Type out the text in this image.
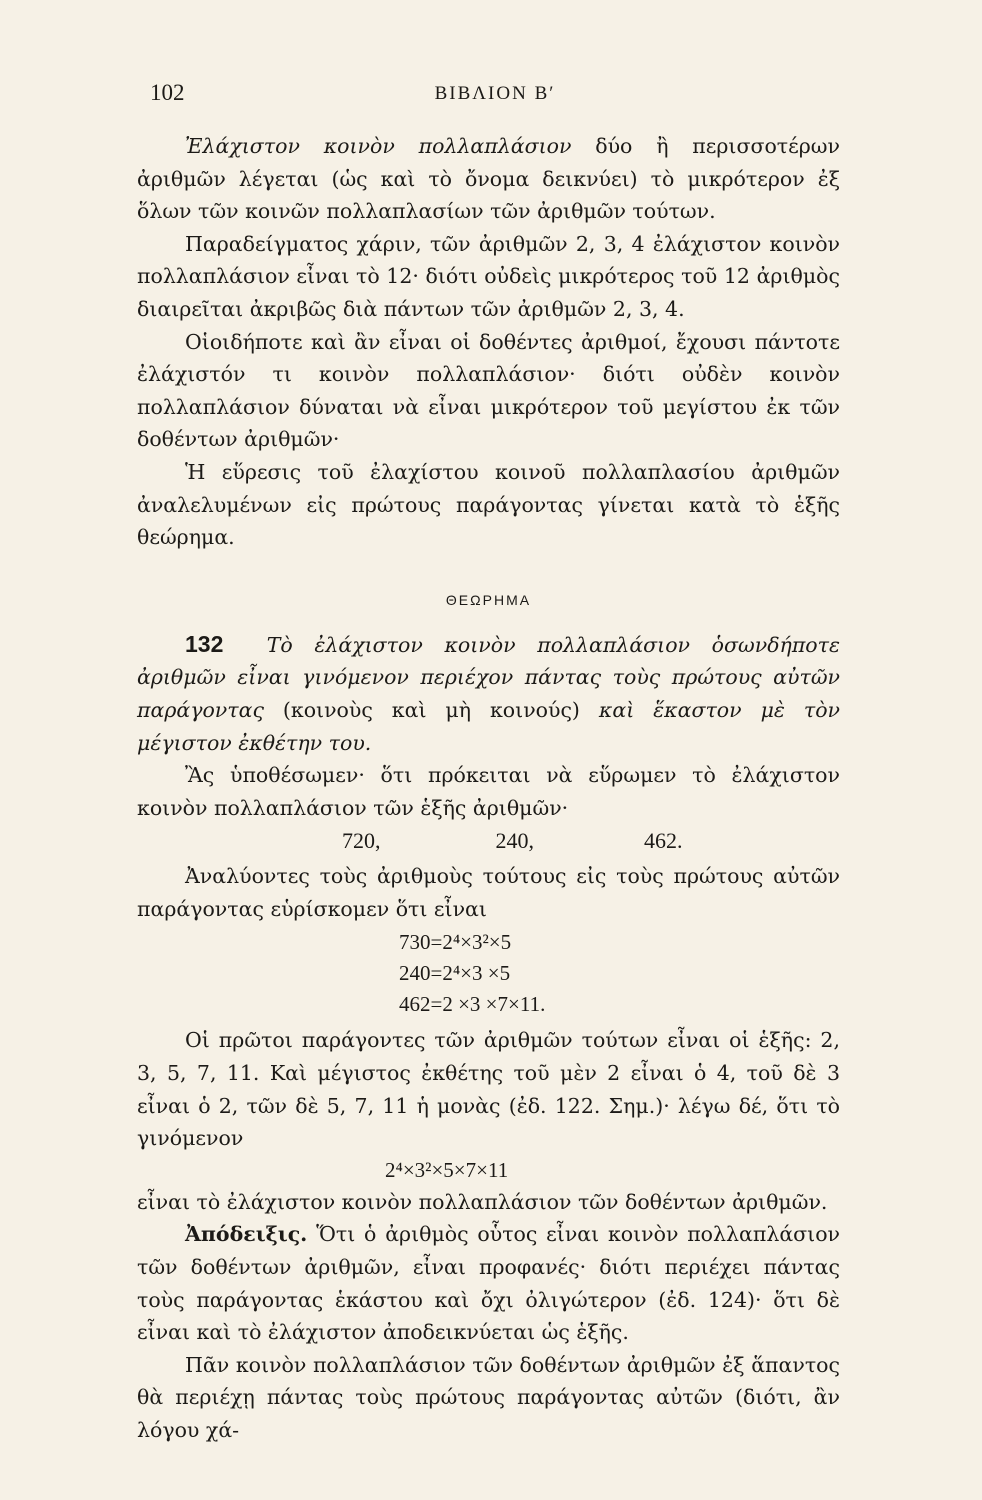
102	ΒΙΒΛΙΟΝ Β′

Ἐλάχιστον κοινὸν πολλαπλάσιον δύο ἢ περισσοτέρων ἀριθμῶν λέγεται (ὡς καὶ τὸ ὄνομα δεικνύει) τὸ μικρότερον ἐξ ὅλων τῶν κοινῶν πολλαπλασίων τῶν ἀριθμῶν τούτων.

Παραδείγματος χάριν, τῶν ἀριθμῶν 2, 3, 4 ἐλάχιστον κοινὸν πολλαπλάσιον εἶναι τὸ 12· διότι οὐδεὶς μικρότερος τοῦ 12 ἀριθμὸς διαιρεῖται ἀκριβῶς διὰ πάντων τῶν ἀριθμῶν 2, 3, 4.

Οἱοιδήποτε καὶ ἂν εἶναι οἱ δοθέντες ἀριθμοί, ἔχουσι πάντοτε ἐλάχιστόν τι κοινὸν πολλαπλάσιον· διότι οὐδὲν κοινὸν πολλαπλάσιον δύναται νὰ εἶναι μικρότερον τοῦ μεγίστου ἐκ τῶν δοθέντων ἀριθμῶν·

Ἡ εὕρεσις τοῦ ἐλαχίστου κοινοῦ πολλαπλασίου ἀριθμῶν ἀναλελυμένων εἰς πρώτους παράγοντας γίνεται κατὰ τὸ ἑξῆς θεώρημα.

ΘΕΩΡΗΜΑ

132 Τὸ ἐλάχιστον κοινὸν πολλαπλάσιον ὁσωνδήποτε ἀριθμῶν εἶναι γινόμενον περιέχον πάντας τοὺς πρώτους αὐτῶν παράγοντας (κοινοὺς καὶ μὴ κοινούς) καὶ ἕκαστον μὲ τὸν μέγιστον ἐκθέτην του.

Ἂς ὑποθέσωμεν· ὅτι πρόκειται νὰ εὕρωμεν τὸ ἐλάχιστον κοινὸν πολλαπλάσιον τῶν ἑξῆς ἀριθμῶν·

720,	240,	462.

Ἀναλύοντες τοὺς ἀριθμοὺς τούτους εἰς τοὺς πρώτους αὐτῶν παράγοντας εὑρίσκομεν ὅτι εἶναι

730=2⁴×3²×5

240=2⁴×3 ×5

462=2 ×3 ×7×11.

Οἱ πρῶτοι παράγοντες τῶν ἀριθμῶν τούτων εἶναι οἱ ἑξῆς: 2, 3, 5, 7, 11. Καὶ μέγιστος ἐκθέτης τοῦ μὲν 2 εἶναι ὁ 4, τοῦ δὲ 3 εἶναι ὁ 2, τῶν δὲ 5, 7, 11 ἡ μονὰς (ἐδ. 122. Σημ.)· λέγω δέ, ὅτι τὸ γινόμενον

2⁴×3²×5×7×11

εἶναι τὸ ἐλάχιστον κοινὸν πολλαπλάσιον τῶν δοθέντων ἀριθμῶν.

Ἀπόδειξις. Ὅτι ὁ ἀριθμὸς οὗτος εἶναι κοινὸν πολλαπλάσιον τῶν δοθέντων ἀριθμῶν, εἶναι προφανές· διότι περιέχει πάντας τοὺς παράγοντας ἑκάστου καὶ ὄχι ὀλιγώτερον (ἐδ. 124)· ὅτι δὲ εἶναι καὶ τὸ ἐλάχιστον ἀποδεικνύεται ὡς ἑξῆς.

Πᾶν κοινὸν πολλαπλάσιον τῶν δοθέντων ἀριθμῶν ἐξ ἅπαντος θὰ περιέχῃ πάντας τοὺς πρώτους παράγοντας αὐτῶν (διότι, ἂν λόγου χά-
